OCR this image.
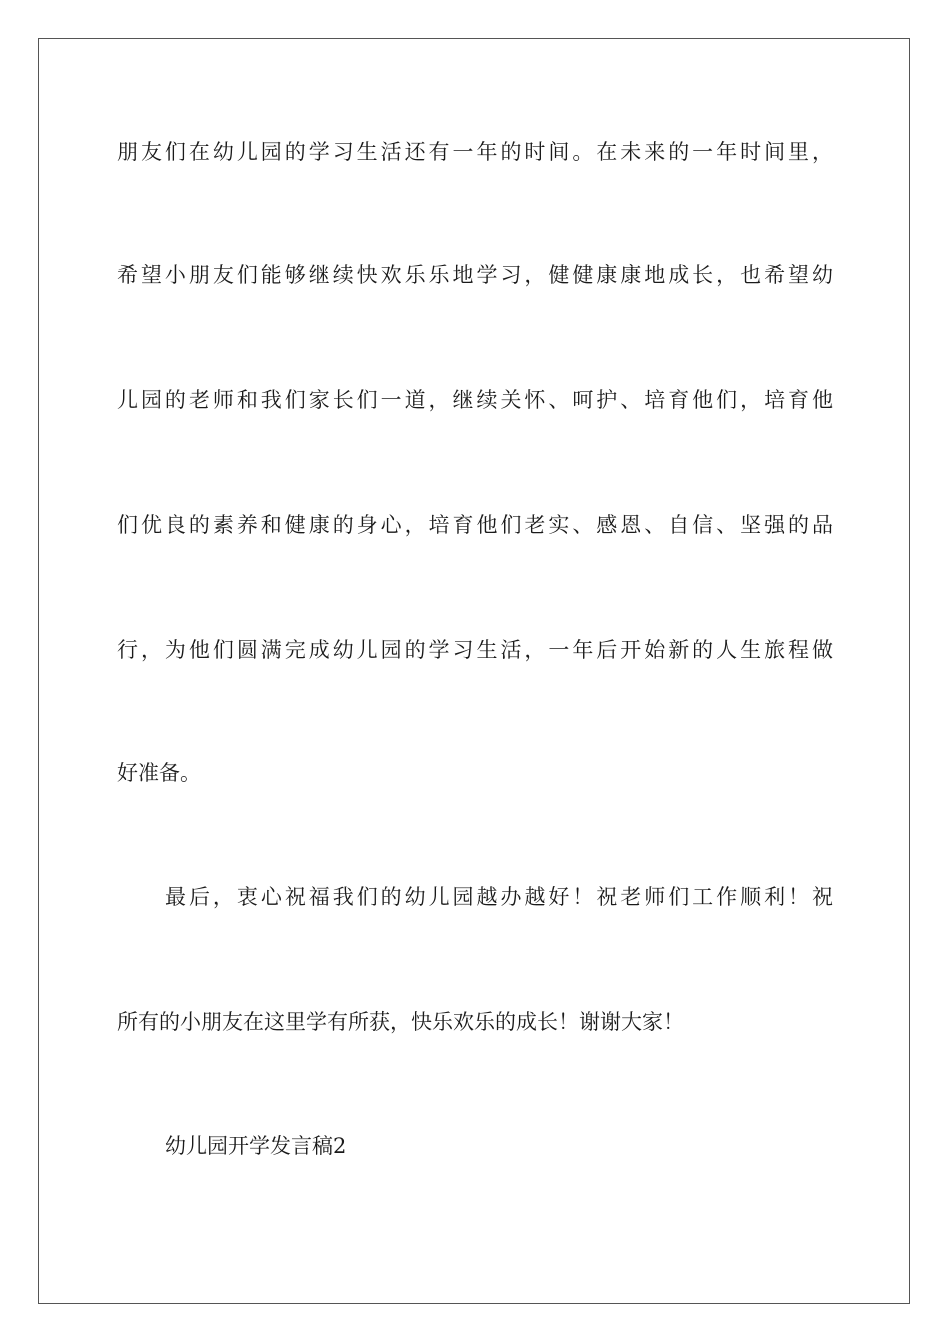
朋友们在幼儿园的学习生活还有一年的时间。在未来的一年时间里，
希望小朋友们能够继续快欢乐乐地学习，健健康康地成长，也希望幼
儿园的老师和我们家长们一道，继续关怀、呵护、培育他们，培育他
们优良的素养和健康的身心，培育他们老实、感恩、自信、坚强的品
行，为他们圆满完成幼儿园的学习生活，一年后开始新的人生旅程做
好准备。
最后，衷心祝福我们的幼儿园越办越好！祝老师们工作顺利！祝
所有的小朋友在这里学有所获，快乐欢乐的成长！谢谢大家！
幼儿园开学发言稿2
